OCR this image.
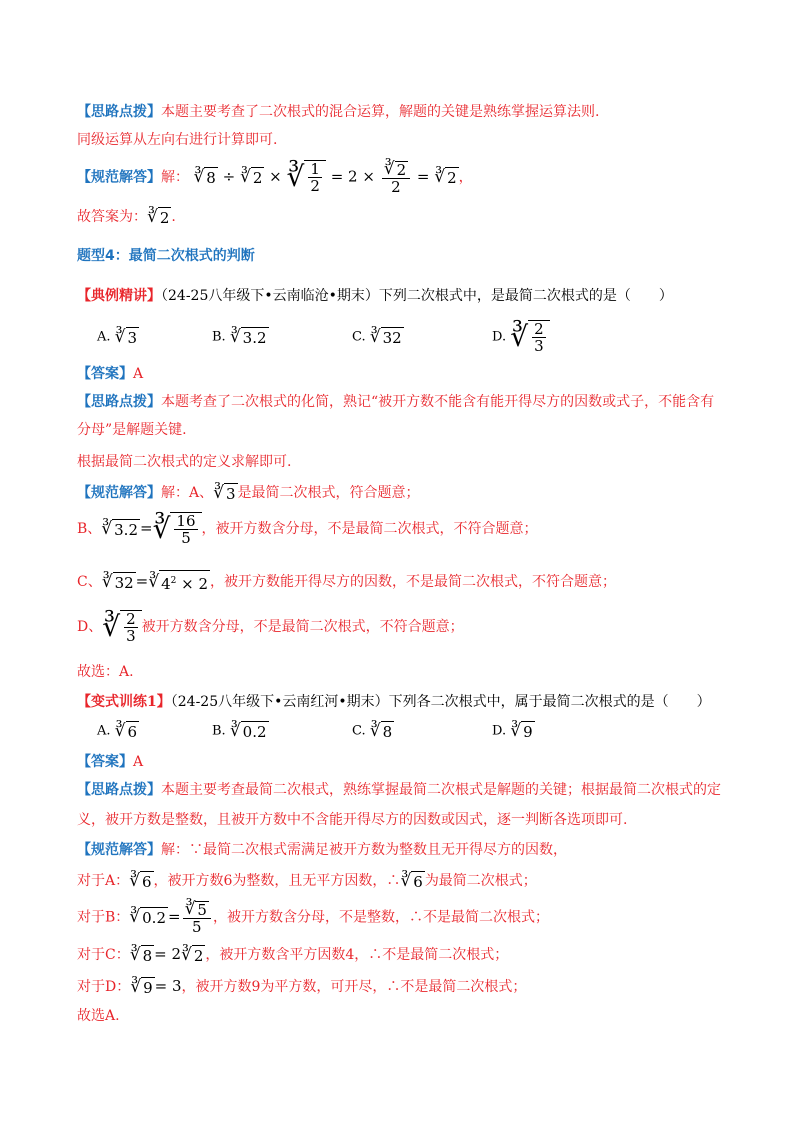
【思路点拨】本题主要考查了二次根式的混合运算，解题的关键是熟练掌握运算法则.
同级运算从左向右进行计算即可.
【规范解答】解： ∛ 8 ÷ ∛ 2 × ∛ $\frac{1}{2} = 2 \times \frac{∛ 2}{2}$ = ∛ 2 ，
故答案为：∛ 2 .
题型4：最简二次根式的判断
【典例精讲】（24-25八年级下•云南临沧•期末）下列二次根式中，是最简二次根式的是（　　）
A. ∛ 3	B. ∛ 3.2	C. ∛ 32	D. ∛ $\frac{2}{3}$
【答案】A
【思路点拨】本题考查了二次根式的化简，熟记“被开方数不能含有能开得尽方的因数或式子，不能含有
分母”是解题关键.
根据最简二次根式的定义求解即可.
【规范解答】解：A、∛ 3 是最简二次根式，符合题意；
B、∛ 3.2 =∛ $\frac{16}{5}$ ，被开方数含分母，不是最简二次根式，不符合题意；
C、∛ 32 =∛ $4^2 \times 2$ ，被开方数能开得尽方的因数，不是最简二次根式，不符合题意；
D、∛ $\frac{2}{3}$ 被开方数含分母，不是最简二次根式，不符合题意；
故选：A.
【变式训练1】（24-25八年级下•云南红河•期末）下列各二次根式中，属于最简二次根式的是（　　）
A. ∛ 6	B. ∛ 0.2	C. ∛ 8	D. ∛ 9
【答案】A
【思路点拨】本题主要考查最简二次根式，熟练掌握最简二次根式是解题的关键；根据最简二次根式的定
义，被开方数是整数，且被开方数中不含能开得尽方的因数或因式，逐一判断各选项即可.
【规范解答】解：∵最简二次根式需满足被开方数为整数且无开得尽方的因数，
对于A：∛ 6 ，被开方数6为整数，且无平方因数，∴∛ 6 为最简二次根式；
对于B：∛ $0.2 = \frac{∛ 5}{5}$ ，被开方数含分母，不是整数，∴不是最简二次根式；
对于C：∛ 8 = 2∛ 2 ，被开方数含平方因数4，∴不是最简二次根式；
对于D：∛ 9 = 3，被开方数9为平方数，可开尽，∴不是最简二次根式；
故选A.
